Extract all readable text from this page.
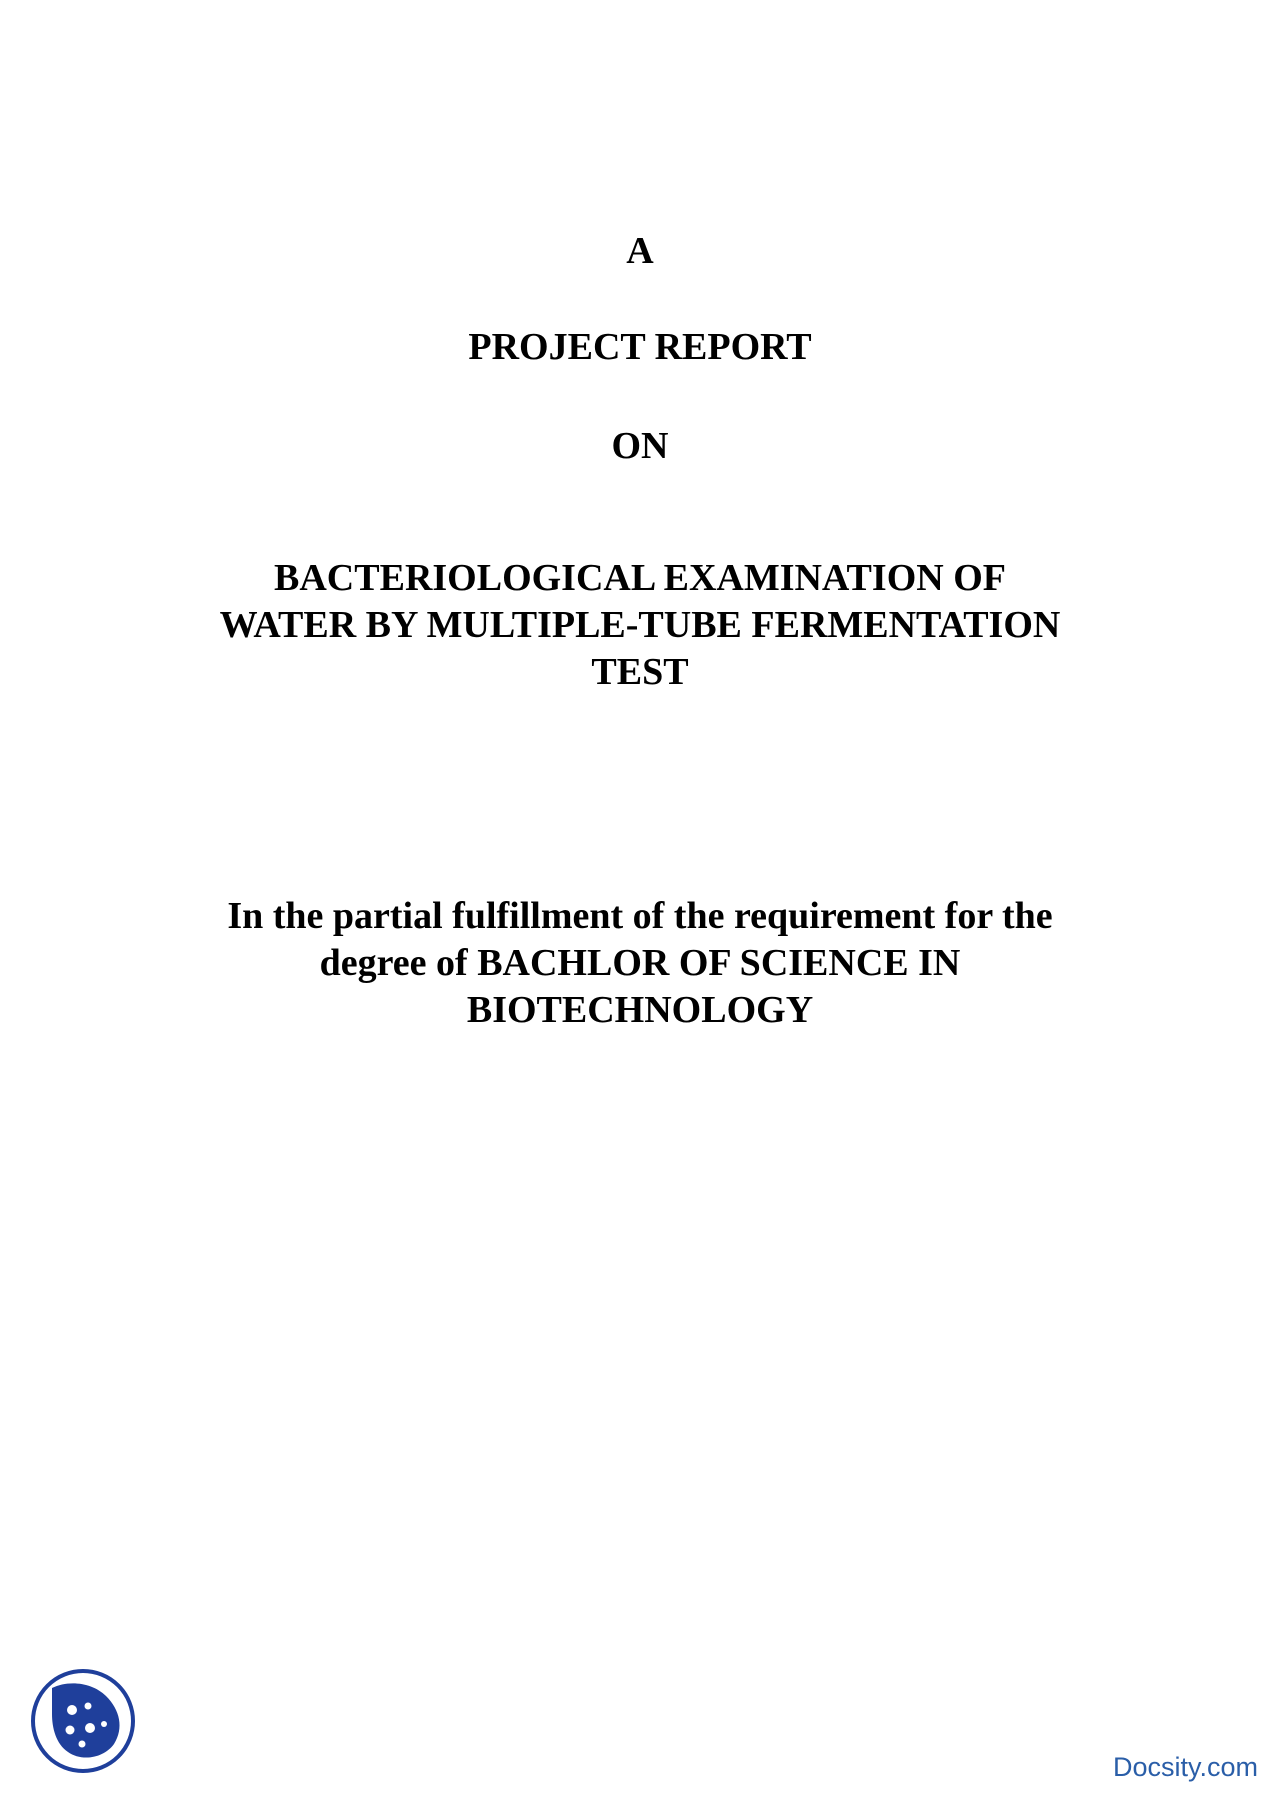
A
PROJECT REPORT
ON
BACTERIOLOGICAL EXAMINATION OF
WATER BY MULTIPLE-TUBE FERMENTATION
TEST
In the partial fulfillment of the requirement for the
degree of BACHLOR OF SCIENCE IN
BIOTECHNOLOGY
Docsity.com
